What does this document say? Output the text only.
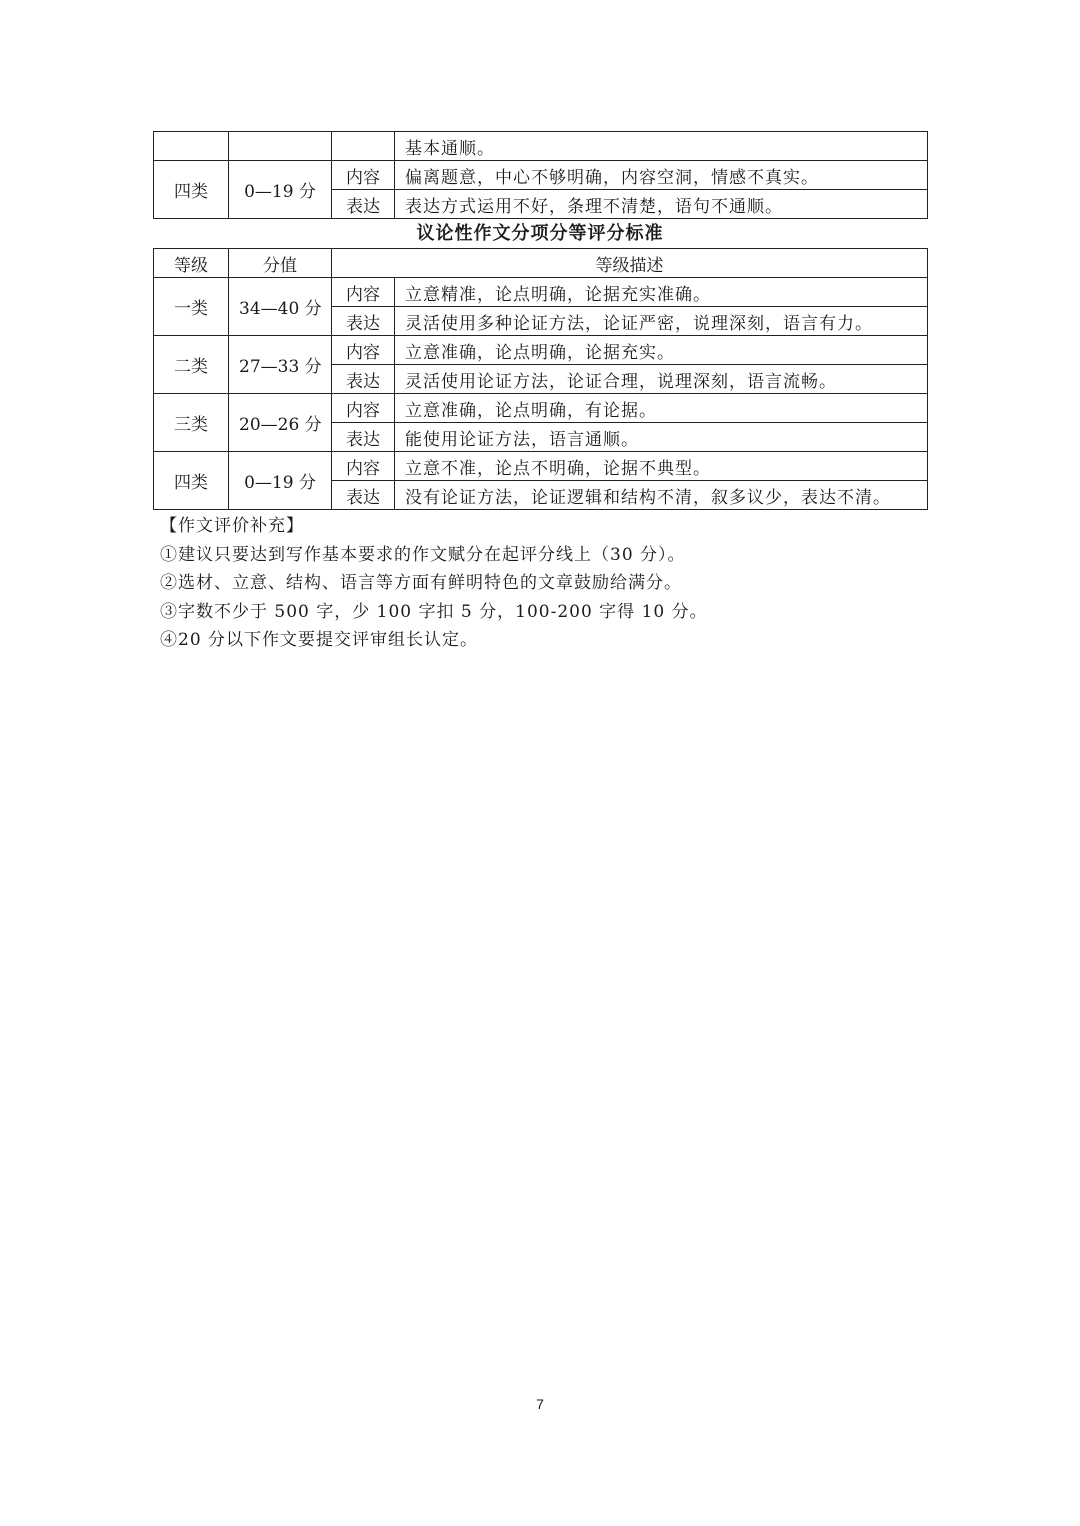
			基本通顺。
四类	0—19 分	内容	偏离题意，中心不够明确，内容空洞，情感不真实。
		表达	表达方式运用不好，条理不清楚，语句不通顺。
议论性作文分项分等评分标准
等级	分值	等级描述	
一类	34—40 分	内容	立意精准，论点明确，论据充实准确。
		表达	灵活使用多种论证方法，论证严密，说理深刻，语言有力。
二类	27—33 分	内容	立意准确，论点明确，论据充实。
		表达	灵活使用论证方法，论证合理，说理深刻，语言流畅。
三类	20—26 分	内容	立意准确，论点明确，有论据。
		表达	能使用论证方法，语言通顺。
四类	0—19 分	内容	立意不准，论点不明确，论据不典型。
		表达	没有论证方法，论证逻辑和结构不清，叙多议少，表达不清。
【作文评价补充】
①建议只要达到写作基本要求的作文赋分在起评分线上（30 分）。
②选材、立意、结构、语言等方面有鲜明特色的文章鼓励给满分。
③字数不少于 500 字，少 100 字扣 5 分，100-200 字得 10 分。
④20 分以下作文要提交评审组长认定。
7
